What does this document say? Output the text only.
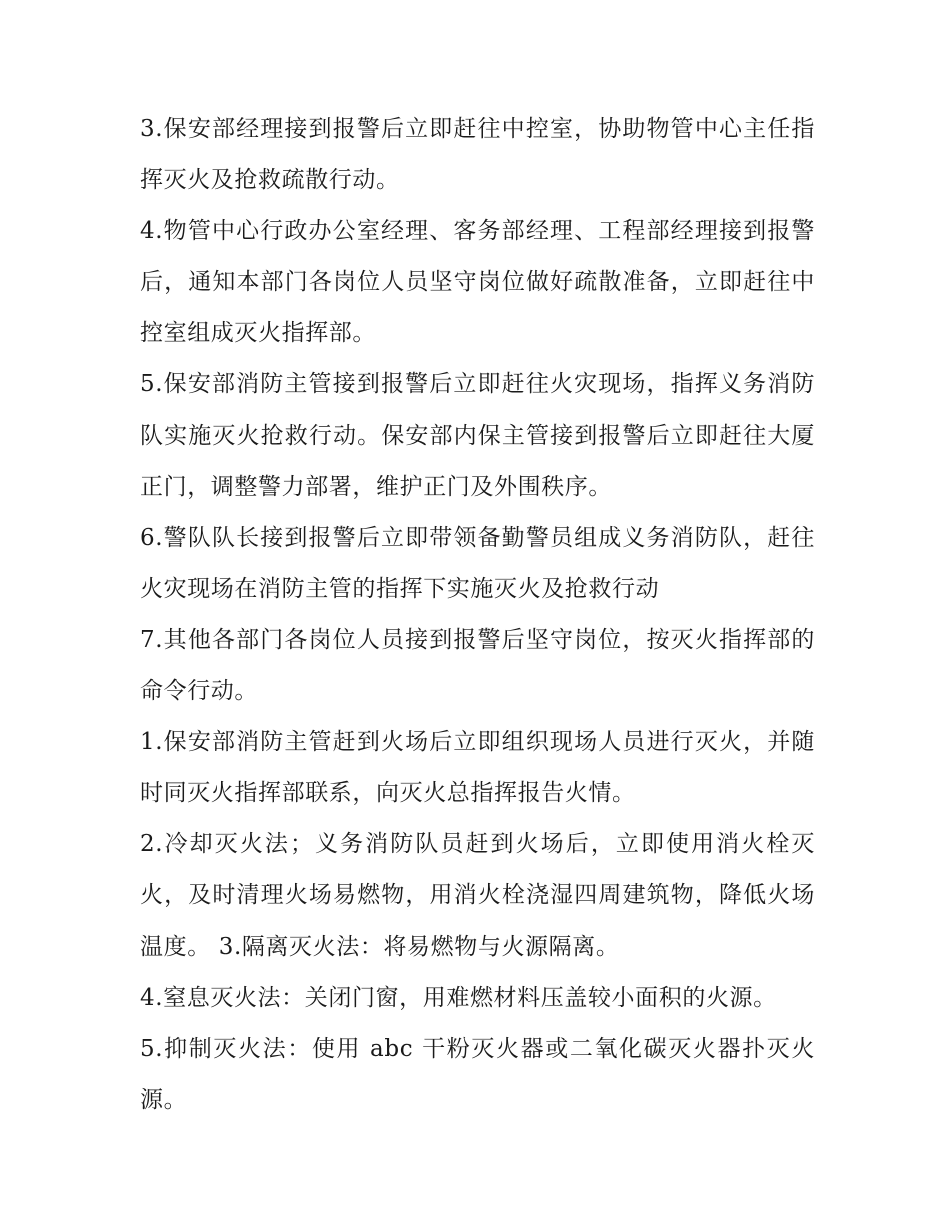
3.保安部经理接到报警后立即赶往中控室，协助物管中心主任指挥灭火及抢救疏散行动。

4.物管中心行政办公室经理、客务部经理、工程部经理接到报警后，通知本部门各岗位人员坚守岗位做好疏散准备，立即赶往中控室组成灭火指挥部。

5.保安部消防主管接到报警后立即赶往火灾现场，指挥义务消防队实施灭火抢救行动。保安部内保主管接到报警后立即赶往大厦正门，调整警力部署，维护正门及外围秩序。

6.警队队长接到报警后立即带领备勤警员组成义务消防队，赶往火灾现场在消防主管的指挥下实施灭火及抢救行动

7.其他各部门各岗位人员接到报警后坚守岗位，按灭火指挥部的命令行动。

1.保安部消防主管赶到火场后立即组织现场人员进行灭火，并随时同灭火指挥部联系，向灭火总指挥报告火情。

2.冷却灭火法；义务消防队员赶到火场后，立即使用消火栓灭火，及时清理火场易燃物，用消火栓浇湿四周建筑物，降低火场温度。 3.隔离灭火法：将易燃物与火源隔离。

4.窒息灭火法：关闭门窗，用难燃材料压盖较小面积的火源。

5.抑制灭火法：使用 abc 干粉灭火器或二氧化碳灭火器扑灭火源。
